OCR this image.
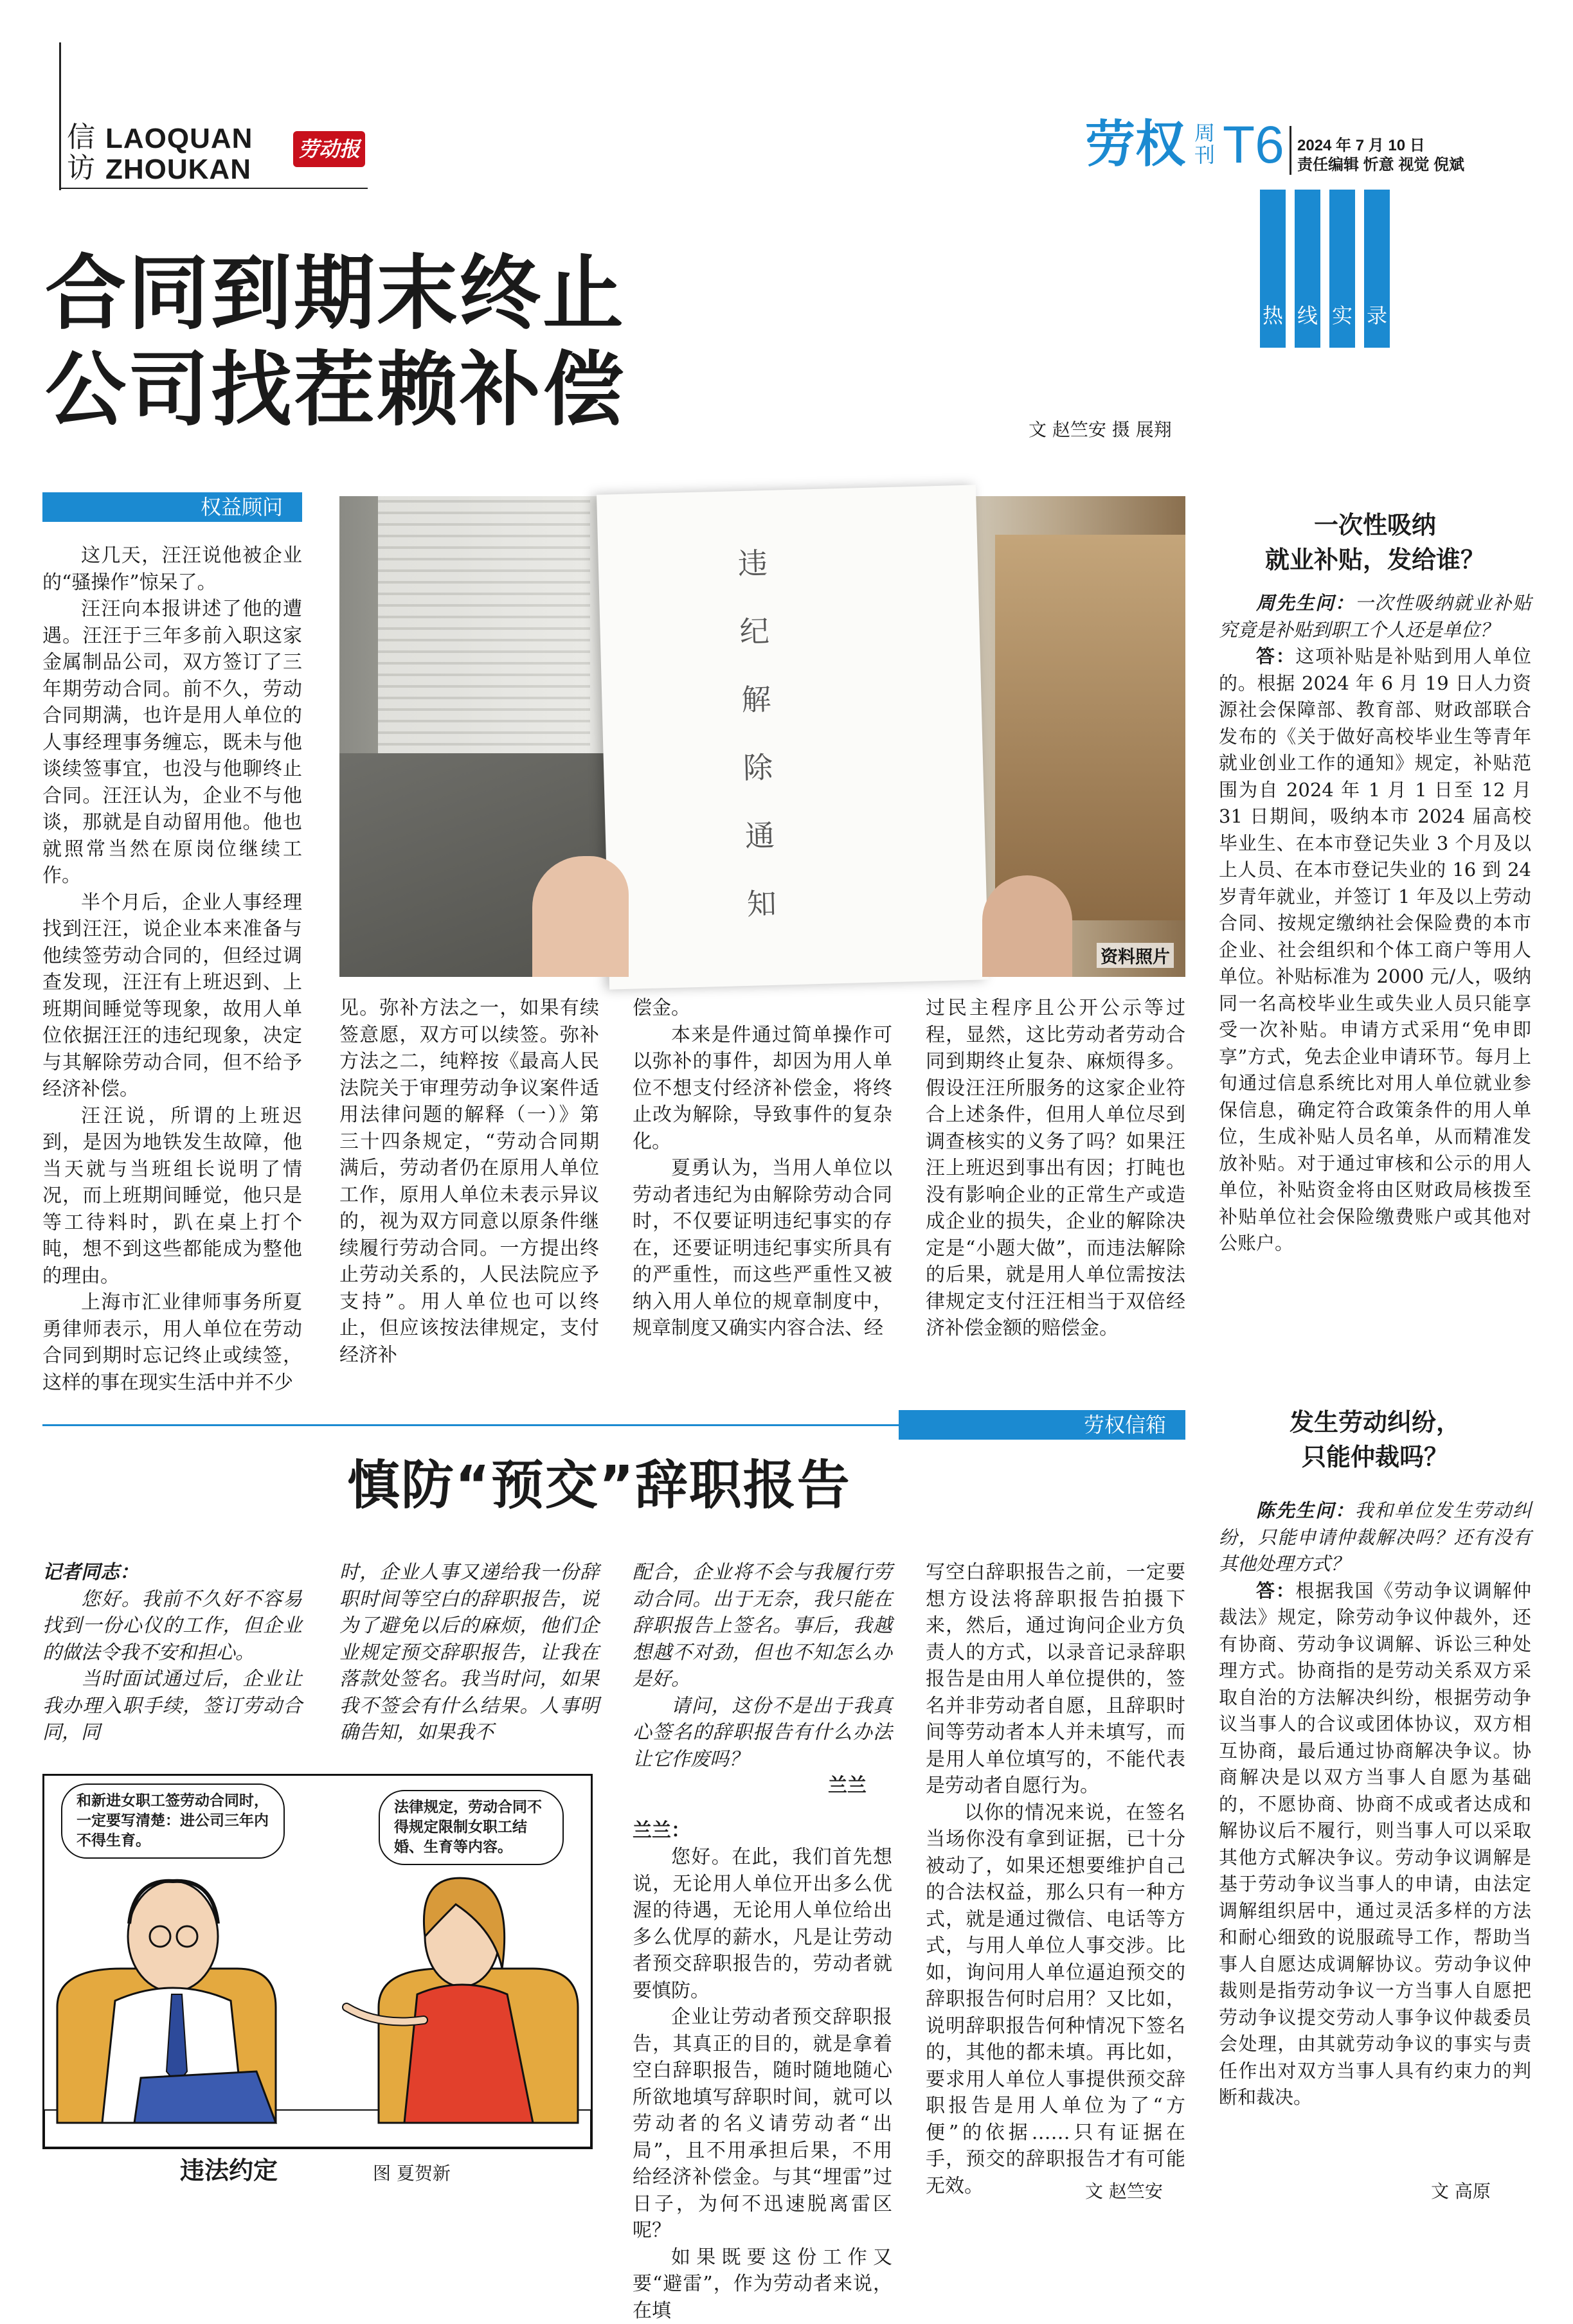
信访
LAOQUAN
ZHOUKAN
劳动报	劳权 周刊 T6 2024 年 7 月 10 日
责任编辑 忻意 视觉 倪斌
热 线 实 录
合同到期末终止
公司找茬赖补偿	文 赵竺安 摄 展翔
权益顾问
违
纪
解
除
通
知
资料照片

这几天，汪汪说他被企业的“骚操作”惊呆了。

汪汪向本报讲述了他的遭遇。汪汪于三年多前入职这家金属制品公司，双方签订了三年期劳动合同。前不久，劳动合同期满，也许是用人单位的人事经理事务缠忘，既未与他谈续签事宜，也没与他聊终止合同。汪汪认为，企业不与他谈，那就是自动留用他。他也就照常当然在原岗位继续工作。

半个月后，企业人事经理找到汪汪，说企业本来准备与他续签劳动合同的，但经过调查发现，汪汪有上班迟到、上班期间睡觉等现象，故用人单位依据汪汪的违纪现象，决定与其解除劳动合同，但不给予经济补偿。

汪汪说，所谓的上班迟到，是因为地铁发生故障，他当天就与当班组长说明了情况，而上班期间睡觉，他只是等工待料时，趴在桌上打个盹，想不到这些都能成为整他的理由。

上海市汇业律师事务所夏勇律师表示，用人单位在劳动合同到期时忘记终止或续签，这样的事在现实生活中并不少

见。弥补方法之一，如果有续签意愿，双方可以续签。弥补方法之二，纯粹按《最高人民法院关于审理劳动争议案件适用法律问题的解释（一）》第三十四条规定，“劳动合同期满后，劳动者仍在原用人单位工作，原用人单位未表示异议的，视为双方同意以原条件继续履行劳动合同。一方提出终止劳动关系的，人民法院应予支持”。用人单位也可以终止，但应该按法律规定，支付经济补

偿金。

本来是件通过简单操作可以弥补的事件，却因为用人单位不想支付经济补偿金，将终止改为解除，导致事件的复杂化。

夏勇认为，当用人单位以劳动者违纪为由解除劳动合同时，不仅要证明违纪事实的存在，还要证明违纪事实所具有的严重性，而这些严重性又被纳入用人单位的规章制度中，规章制度又确实内容合法、经

过民主程序且公开公示等过程，显然，这比劳动者劳动合同到期终止复杂、麻烦得多。假设汪汪所服务的这家企业符合上述条件，但用人单位尽到调查核实的义务了吗？如果汪汪上班迟到事出有因；打盹也没有影响企业的正常生产或造成企业的损失，企业的解除决定是“小题大做”，而违法解除的后果，就是用人单位需按法律规定支付汪汪相当于双倍经济补偿金额的赔偿金。

一次性吸纳
就业补贴，发给谁？

周先生问：一次性吸纳就业补贴究竟是补贴到职工个人还是单位？

答：这项补贴是补贴到用人单位的。根据 2024 年 6 月 19 日人力资源社会保障部、教育部、财政部联合发布的《关于做好高校毕业生等青年就业创业工作的通知》规定，补贴范围为自 2024 年 1 月 1 日至 12 月 31 日期间，吸纳本市 2024 届高校毕业生、在本市登记失业 3 个月及以上人员、在本市登记失业的 16 到 24 岁青年就业，并签订 1 年及以上劳动合同、按规定缴纳社会保险费的本市企业、社会组织和个体工商户等用人单位。补贴标准为 2000 元/人，吸纳同一名高校毕业生或失业人员只能享受一次补贴。申请方式采用“免申即享”方式，免去企业申请环节。每月上旬通过信息系统比对用人单位就业参保信息，确定符合政策条件的用人单位，生成补贴人员名单，从而精准发放补贴。对于通过审核和公示的用人单位，补贴资金将由区财政局核拨至补贴单位社会保险缴费账户或其他对公账户。

劳权信箱
慎防“预交”辞职报告

记者同志：

您好。我前不久好不容易找到一份心仪的工作，但企业的做法令我不安和担心。

当时面试通过后，企业让我办理入职手续，签订劳动合同，同

时，企业人事又递给我一份辞职时间等空白的辞职报告，说为了避免以后的麻烦，他们企业规定预交辞职报告，让我在落款处签名。我当时问，如果我不签会有什么结果。人事明确告知，如果我不

配合，企业将不会与我履行劳动合同。出于无奈，我只能在辞职报告上签名。事后，我越想越不对劲，但也不知怎么办是好。

请问，这份不是出于我真心签名的辞职报告有什么办法让它作废吗？

兰兰

兰兰：

您好。在此，我们首先想说，无论用人单位开出多么优渥的待遇，无论用人单位给出多么优厚的薪水，凡是让劳动者预交辞职报告的，劳动者就要慎防。

企业让劳动者预交辞职报告，其真正的目的，就是拿着空白辞职报告，随时随地随心所欲地填写辞职时间，就可以劳动者的名义请劳动者“出局”，且不用承担后果，不用给经济补偿金。与其“埋雷”过日子，为何不迅速脱离雷区呢？

如果既要这份工作又要“避雷”，作为劳动者来说，在填

写空白辞职报告之前，一定要想方设法将辞职报告拍摄下来，然后，通过询问企业方负责人的方式，以录音记录辞职报告是由用人单位提供的，签名并非劳动者自愿，且辞职时间等劳动者本人并未填写，而是用人单位填写的，不能代表是劳动者自愿行为。

以你的情况来说，在签名当场你没有拿到证据，已十分被动了，如果还想要维护自己的合法权益，那么只有一种方式，就是通过微信、电话等方式，与用人单位人事交涉。比如，询问用人单位逼迫预交的辞职报告何时启用？又比如，说明辞职报告何种情况下签名的，其他的都未填。再比如，要求用人单位人事提供预交辞职报告是用人单位为了“方便”的依据……只有证据在手，预交的辞职报告才有可能无效。	文 赵竺安
和新进女职工签劳动合同时，一定要写清楚：进公司三年内不得生育。
法律规定，劳动合同不得规定限制女职工结婚、生育等内容。
违法约定	图 夏贺新
发生劳动纠纷，
只能仲裁吗？

陈先生问：我和单位发生劳动纠纷，只能申请仲裁解决吗？还有没有其他处理方式？

答：根据我国《劳动争议调解仲裁法》规定，除劳动争议仲裁外，还有协商、劳动争议调解、诉讼三种处理方式。协商指的是劳动关系双方采取自治的方法解决纠纷，根据劳动争议当事人的合议或团体协议，双方相互协商，最后通过协商解决争议。协商解决是以双方当事人自愿为基础的，不愿协商、协商不成或者达成和解协议后不履行，则当事人可以采取其他方式解决争议。劳动争议调解是基于劳动争议当事人的申请，由法定调解组织居中，通过灵活多样的方法和耐心细致的说服疏导工作，帮助当事人自愿达成调解协议。劳动争议仲裁则是指劳动争议一方当事人自愿把劳动争议提交劳动人事争议仲裁委员会处理，由其就劳动争议的事实与责任作出对双方当事人具有约束力的判断和裁决。

文 高原
